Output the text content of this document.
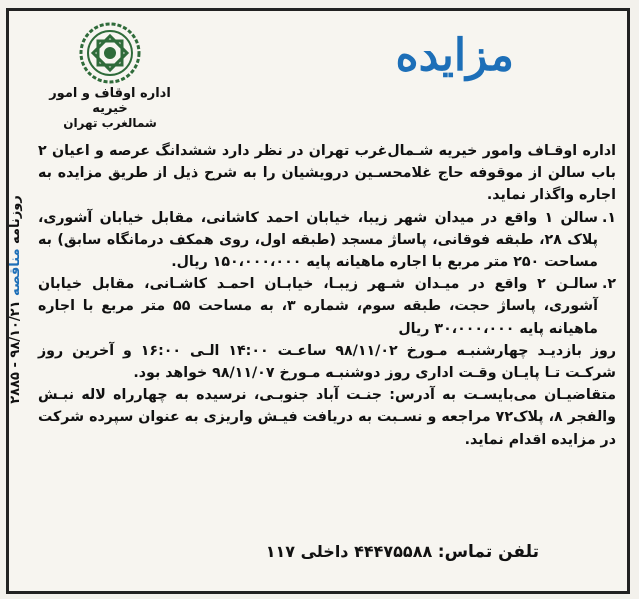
روزنامه مناقصه ۹۸/۱۰/۲۱ - ۲۸۸۵
اداره اوقاف و امور خیریه
شمالغرب تهران
مزایده

اداره اوقـاف وامور خیریه شـمال‌غرب تهران در نظر دارد ششدانگ عرصه و اعیان ۲ باب سالن از موقوفه حاج غلامحسـین درویشیان را به شرح ذیل از طریق مزایده به اجاره واگذار نماید.

۱.
سالن ۱ واقع در میدان شهر زیبا، خیابان احمد کاشانی، مقابل خیابان آشوری، پلاک ۲۸، طبقه فوقانی، پاساژ مسجد (طبقه اول، روی همکف درمانگاه سابق) به مساحت ۲۵۰ متر مربع با اجاره ماهیانه پایه ۱۵۰،۰۰۰،۰۰۰ ریال.
۲.
سالـن ۲ واقع در میـدان شـهر زیبـا، خیابـان احمـد کاشـانی، مقابل خیابان آشوری، پاساژ حجت، طبقه سوم، شماره ۳، به مساحت ۵۵ متر مربع با اجاره ماهیانه پایه ۳۰،۰۰۰،۰۰۰ ریال

روز بازدیـد چهارشنبـه مـورخ ۹۸/۱۱/۰۲ ساعـت ۱۴:۰۰ الـی ۱۶:۰۰ و آخرین روز شرکـت تـا پایـان وقـت اداری روز دوشنبـه مـورخ ۹۸/۱۱/۰۷ خواهد بود.

متقاضیـان می‌بایسـت به آدرس: جنـت آباد جنوبـی، نرسیده به چهارراه لاله نبـش والفجر ۸، پلاک۷۲ مراجعه و نسـبت به دریافت فیـش واریزی به عنوان سپرده شرکت در مزایده اقدام نماید.

تلفن تماس: ۴۴۴۷۵۵۸۸ داخلی ۱۱۷
